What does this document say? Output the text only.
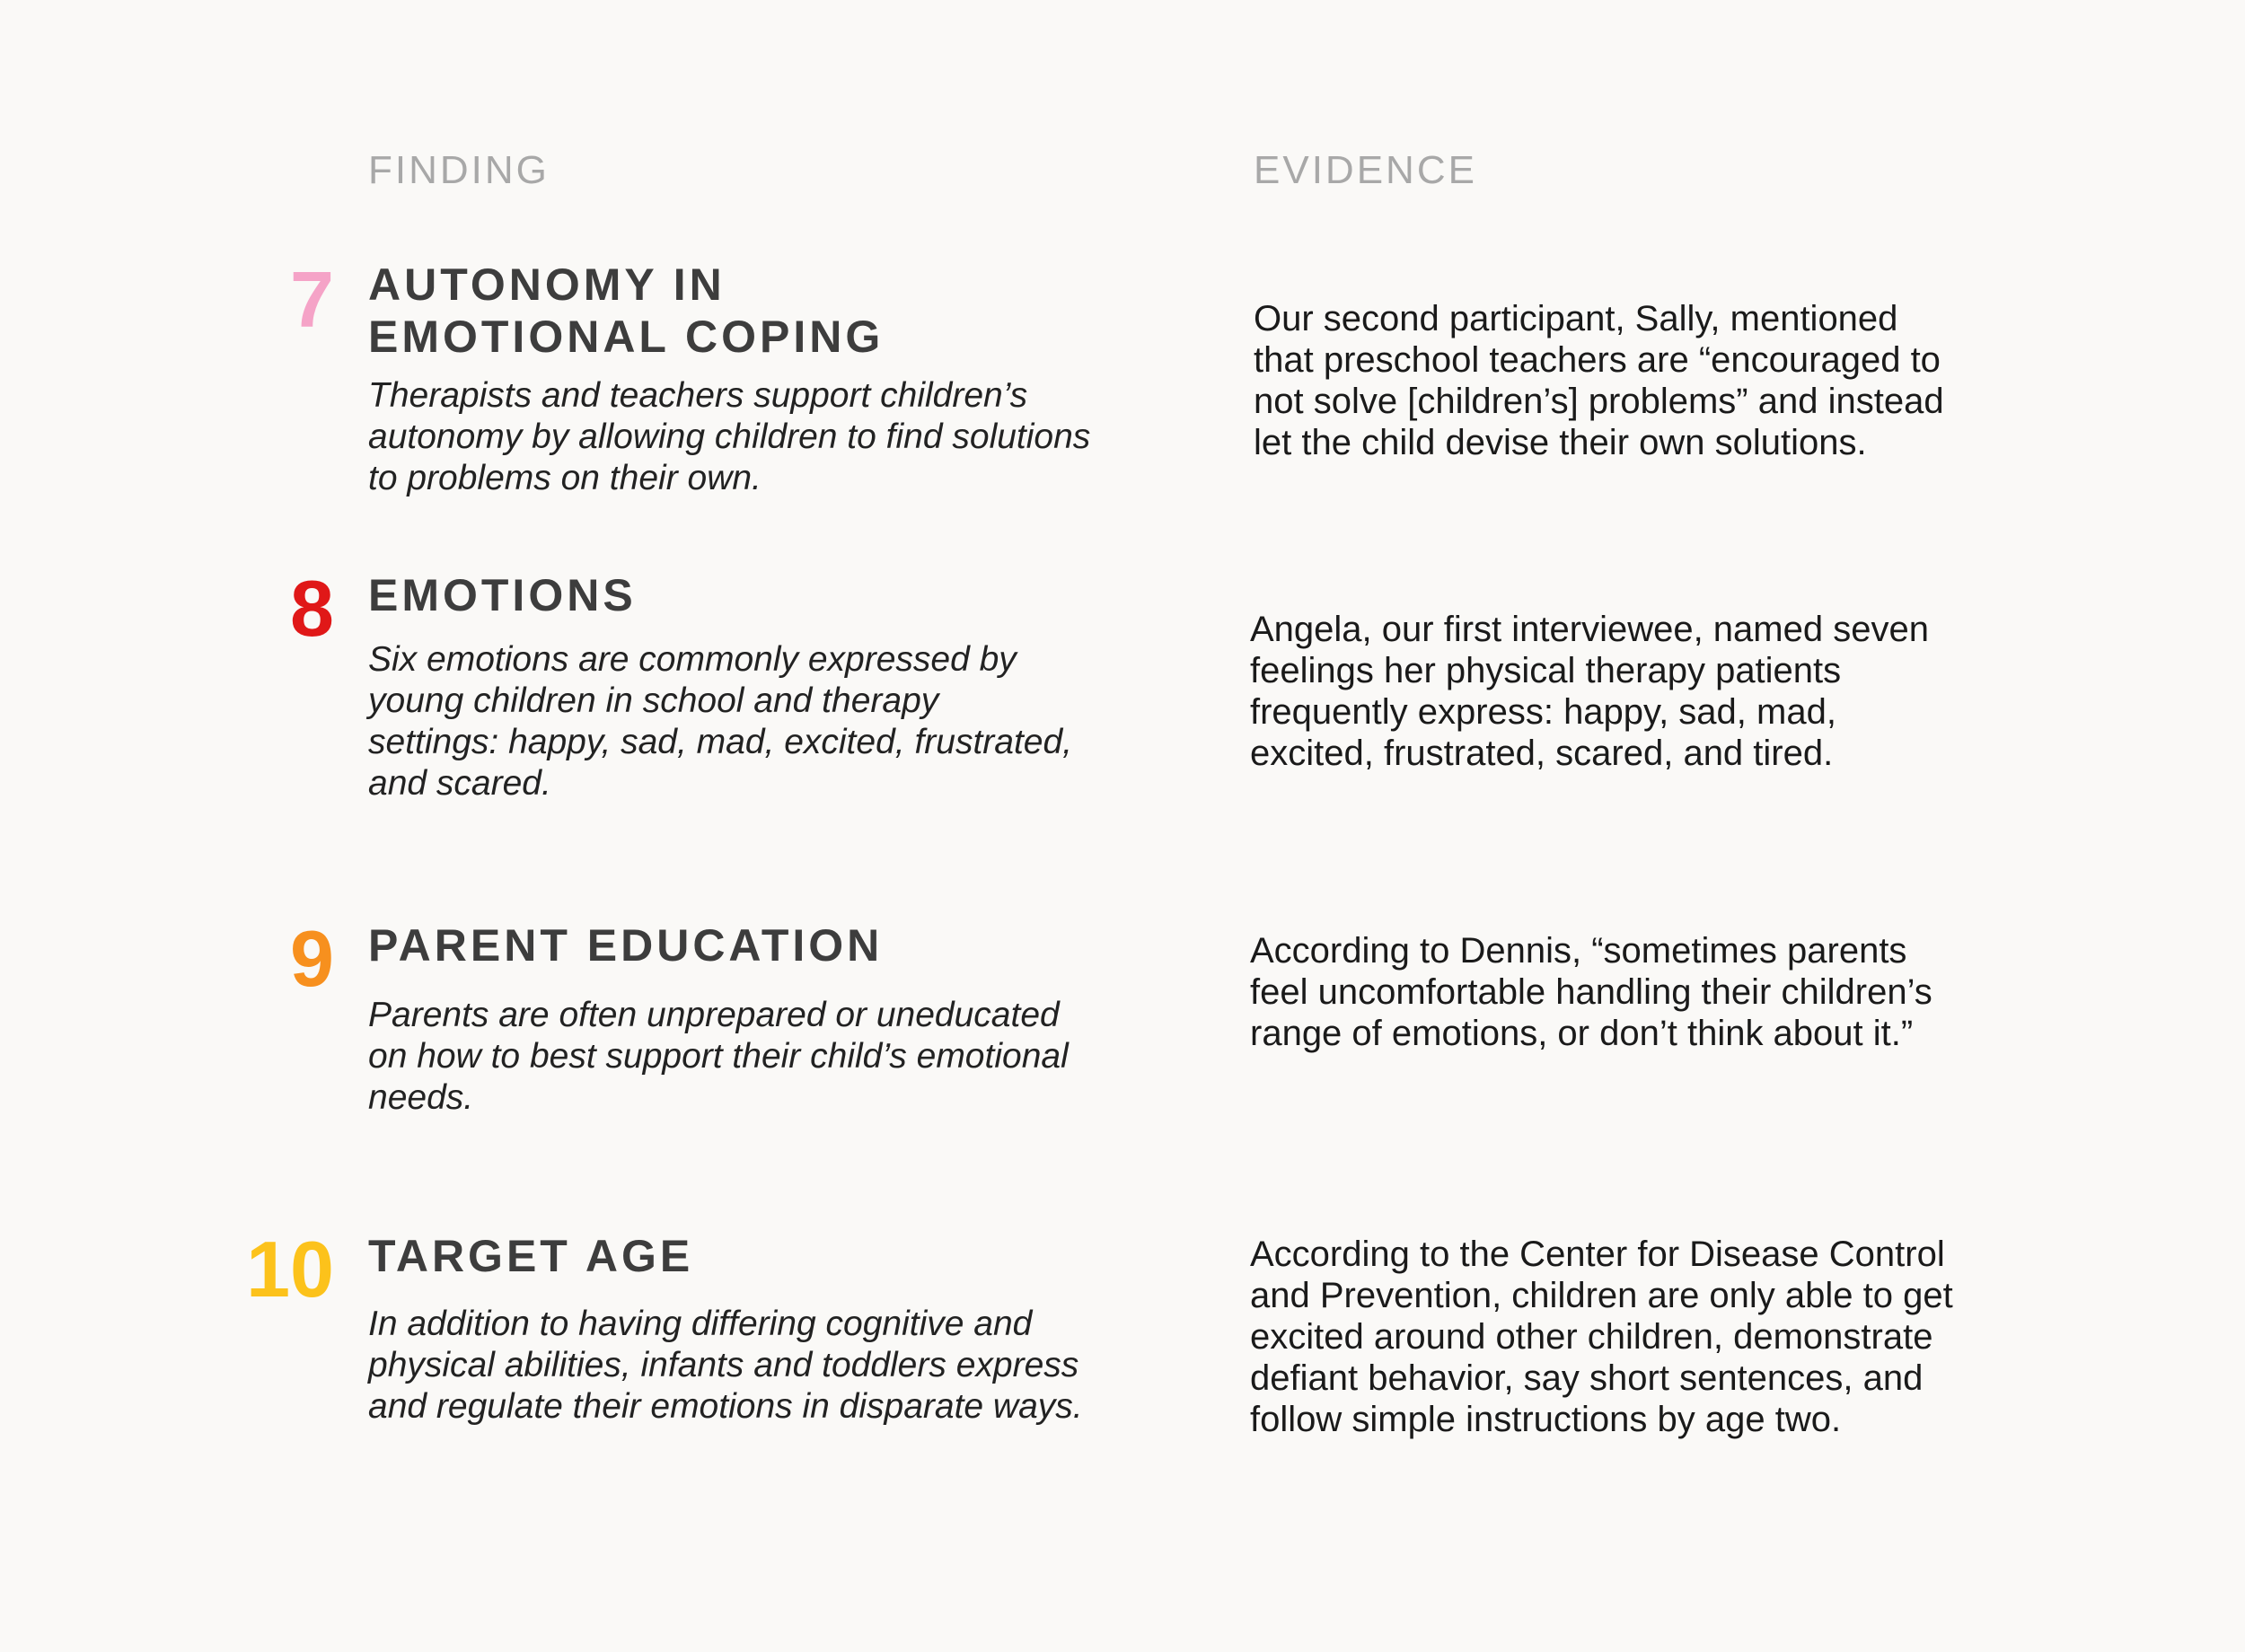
FINDING	EVIDENCE
7 AUTONOMY IN EMOTIONAL COPING
Therapists and teachers support children’s autonomy by allowing children to find solutions to problems on their own.
Our second participant, Sally, mentioned that preschool teachers are “encouraged to not solve [children’s] problems” and instead let the child devise their own solutions.
8 EMOTIONS
Six emotions are commonly expressed by young children in school and therapy settings: happy, sad, mad, excited, frustrated, and scared.
Angela, our first interviewee, named seven feelings her physical therapy patients frequently express: happy, sad, mad, excited, frustrated, scared, and tired.
9 PARENT EDUCATION
Parents are often unprepared or uneducated on how to best support their child’s emotional needs.
According to Dennis, “sometimes parents feel uncomfortable handling their children’s range of emotions, or don’t think about it.”
10 TARGET AGE
In addition to having differing cognitive and physical abilities, infants and toddlers express and regulate their emotions in disparate ways.
According to the Center for Disease Control and Prevention, children are only able to get excited around other children, demonstrate defiant behavior, say short sentences, and follow simple instructions by age two.
